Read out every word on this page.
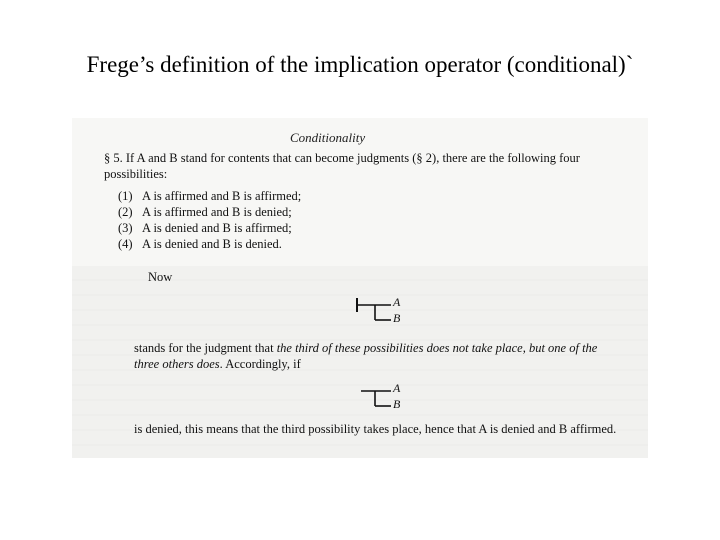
Frege’s definition of the implication operator (conditional)`
Conditionality
§ 5. If A and B stand for contents that can become judgments (§ 2), there are the following four possibilities:
(1) A is affirmed and B is affirmed;
(2) A is affirmed and B is denied;
(3) A is denied and B is affirmed;
(4) A is denied and B is denied.
Now
A
B
stands for the judgment that the third of these possibilities does not take place, but one of the three others does. Accordingly, if
A
B
is denied, this means that the third possibility takes place, hence that A is denied and B affirmed.
